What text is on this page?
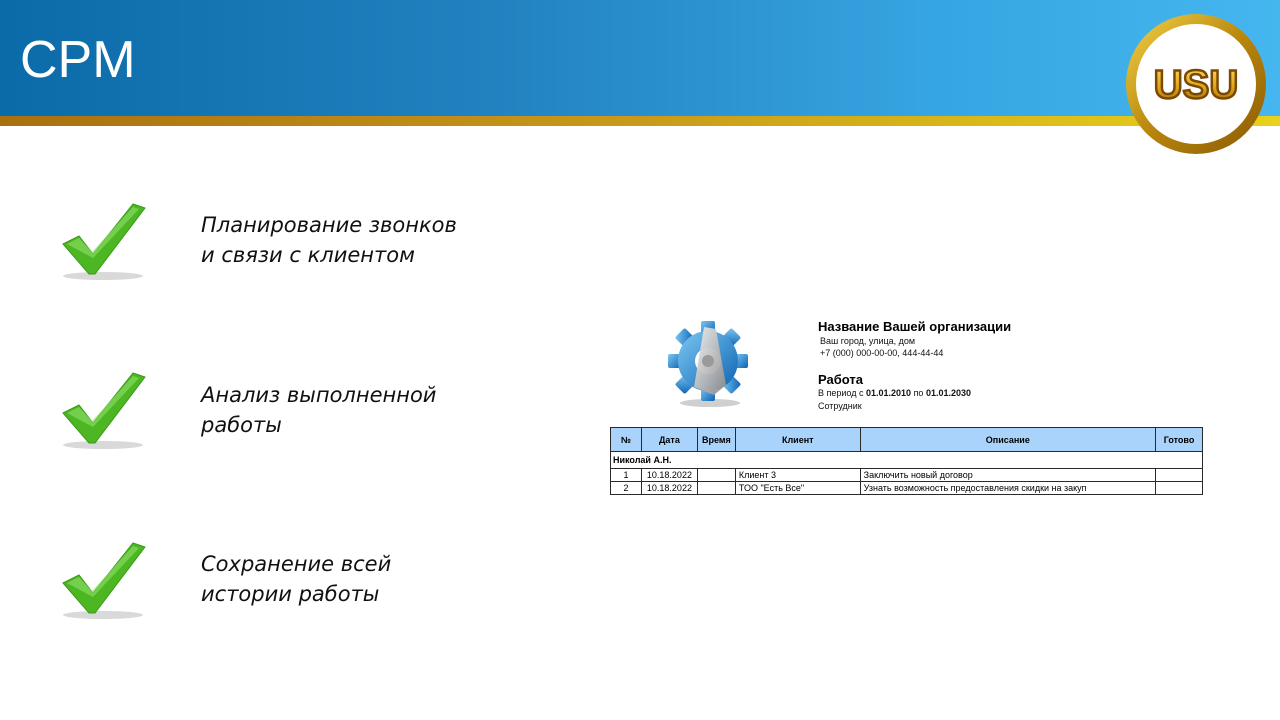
CPM	USU
Планирование звонков
и связи с клиентом
Анализ выполненной
работы
Сохранение всей
истории работы
Название Вашей организации
Ваш город, улица, дом
+7 (000) 000-00-00, 444-44-44
Работа
В период с 01.01.2010 по 01.01.2030
Сотрудник
№	Дата	Время	Клиент	Описание	Готово
Николай А.Н.					
1	10.18.2022		Клиент 3	Заключить новый договор	
2	10.18.2022		ТОО "Есть Все"	Узнать возможность предоставления скидки на закуп	
